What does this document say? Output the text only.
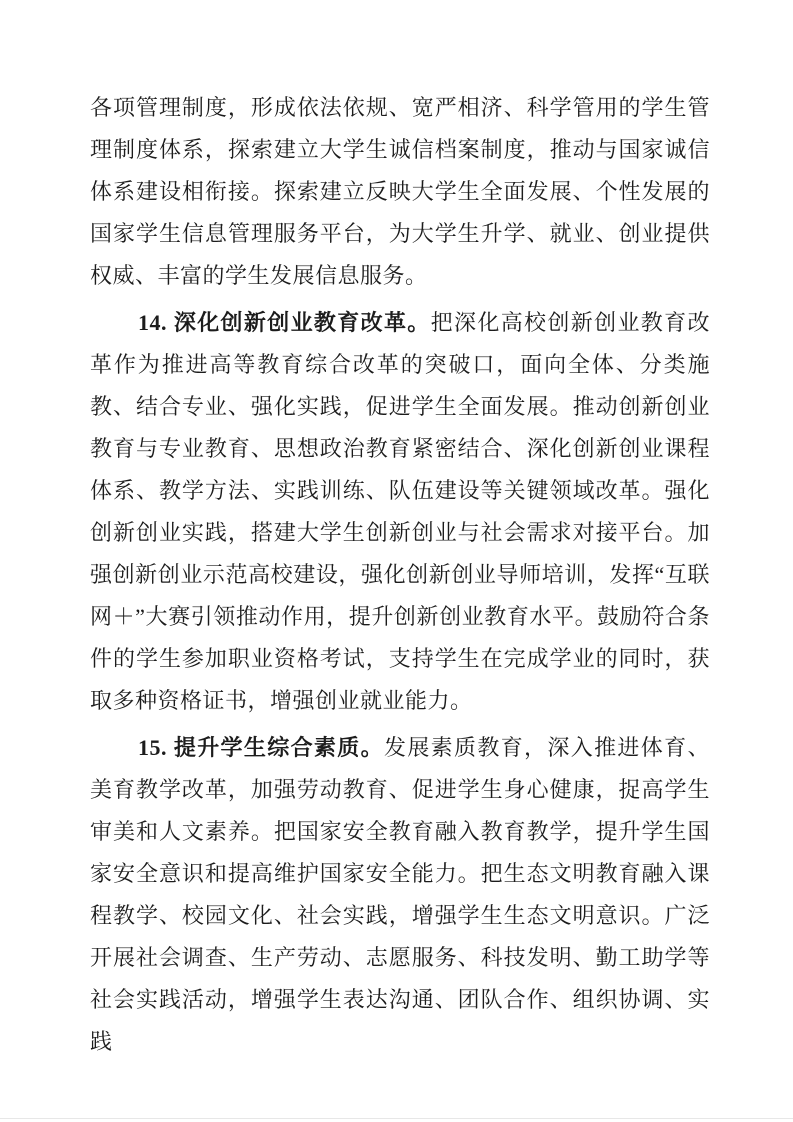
各项管理制度，形成依法依规、宽严相济、科学管用的学生管理制度体系，探索建立大学生诚信档案制度，推动与国家诚信体系建设相衔接。探索建立反映大学生全面发展、个性发展的国家学生信息管理服务平台，为大学生升学、就业、创业提供权威、丰富的学生发展信息服务。

14. 深化创新创业教育改革。把深化高校创新创业教育改革作为推进高等教育综合改革的突破口，面向全体、分类施教、结合专业、强化实践，促进学生全面发展。推动创新创业教育与专业教育、思想政治教育紧密结合、深化创新创业课程体系、教学方法、实践训练、队伍建设等关键领域改革。强化创新创业实践，搭建大学生创新创业与社会需求对接平台。加强创新创业示范高校建设，强化创新创业导师培训，发挥“互联网＋”大赛引领推动作用，提升创新创业教育水平。鼓励符合条件的学生参加职业资格考试，支持学生在完成学业的同时，获取多种资格证书，增强创业就业能力。

15. 提升学生综合素质。发展素质教育，深入推进体育、美育教学改革，加强劳动教育、促进学生身心健康，捉高学生审美和人文素养。把国家安全教育融入教育教学，提升学生国家安全意识和提高维护国家安全能力。把生态文明教育融入课程教学、校园文化、社会实践，增强学生生态文明意识。广泛开展社会调查、生产劳动、志愿服务、科技发明、勤工助学等社会实践活动，增强学生表达沟通、团队合作、组织协调、实践
